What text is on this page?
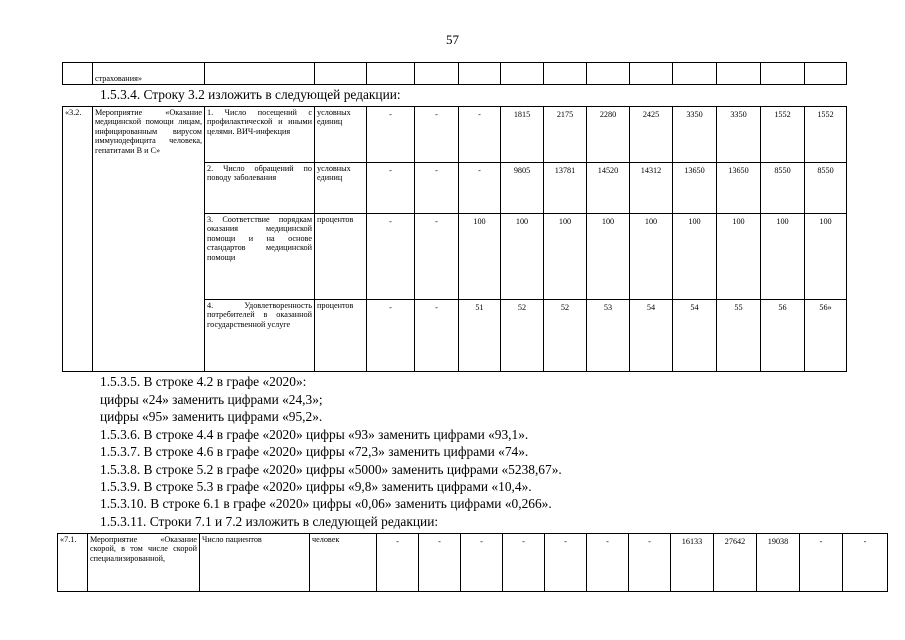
57
	страхования»													
1.5.3.4. Строку 3.2 изложить в следующей редакции:
«3.2.	Мероприятие «Оказание медицинской помощи лицам, инфицированным вирусом иммунодефицита человека, гепатитами В и С»	1. Число посещений с профилактической и иными целями. ВИЧ-инфекция	условных единиц	-	-	-	1815	2175	2280	2425	3350	3350	1552	1552
		2. Число обращений по поводу заболевания	условных единиц	-	-	-	9805	13781	14520	14312	13650	13650	8550	8550
		3. Соответствие порядкам оказания медицинской помощи и на основе стандартов медицинской помощи	процентов	-	-	100	100	100	100	100	100	100	100	100
		4. Удовлетворенность потребителей в оказанной государственной услуге	процентов	-	-	51	52	52	53	54	54	55	56	56»
1.5.3.5. В строке 4.2 в графе «2020»:
цифры «24» заменить цифрами «24,3»;
цифры «95» заменить цифрами «95,2».
1.5.3.6. В строке 4.4 в графе «2020» цифры «93» заменить цифрами «93,1».
1.5.3.7. В строке 4.6 в графе «2020» цифры «72,3» заменить цифрами «74».
1.5.3.8. В строке 5.2 в графе «2020» цифры «5000» заменить цифрами «5238,67».
1.5.3.9. В строке 5.3 в графе «2020» цифры «9,8» заменить цифрами «10,4».
1.5.3.10. В строке 6.1 в графе «2020» цифры «0,06» заменить цифрами «0,266».
1.5.3.11. Строки 7.1 и 7.2 изложить в следующей редакции:
«7.1.	Мероприятие «Оказание скорой, в том числе скорой специализированной,	Число пациентов	человек	-	-	-	-	-	-	-	16133	27642	19038	-	-
